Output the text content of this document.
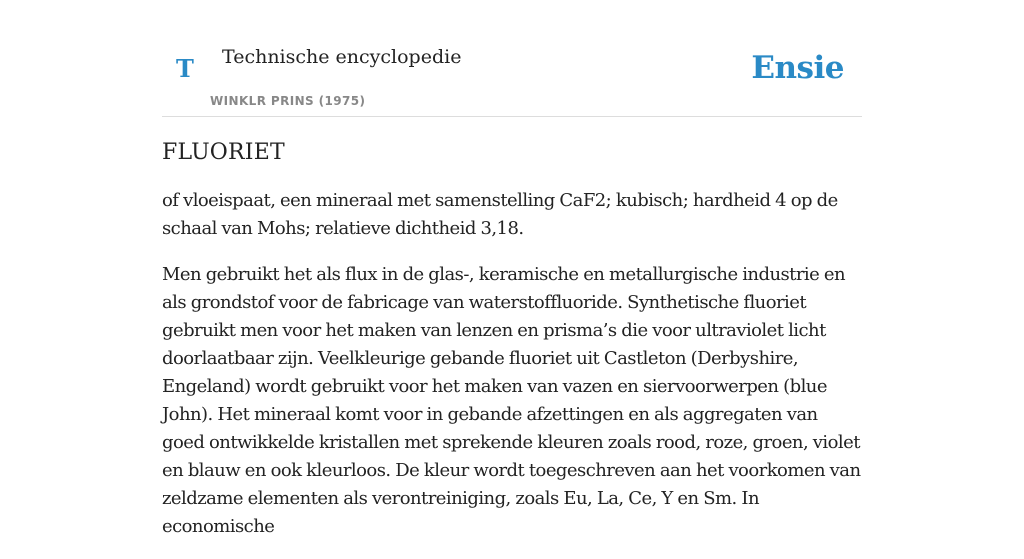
T Technische encyclopedie
WINKLR PRINS (1975)
Ensie
FLUORIET

of vloeispaat, een mineraal met samenstelling CaF2; kubisch; hardheid 4 op de schaal van Mohs; relatieve dichtheid 3,18.

Men gebruikt het als flux in de glas-, keramische en metallurgische industrie en als grondstof voor de fabricage van waterstoffluoride. Synthetische fluoriet gebruikt men voor het maken van lenzen en prisma’s die voor ultraviolet licht doorlaatbaar zijn. Veelkleurige gebande fluoriet uit Castleton (Derbyshire, Engeland) wordt gebruikt voor het maken van vazen en siervoorwerpen (blue John). Het mineraal komt voor in gebande afzettingen en als aggregaten van goed ontwikkelde kristallen met sprekende kleuren zoals rood, roze, groen, violet en blauw en ook kleurloos. De kleur wordt toegeschreven aan het voorkomen van zeldzame elementen als verontreiniging, zoals Eu, La, Ce, Y en Sm. In economische
